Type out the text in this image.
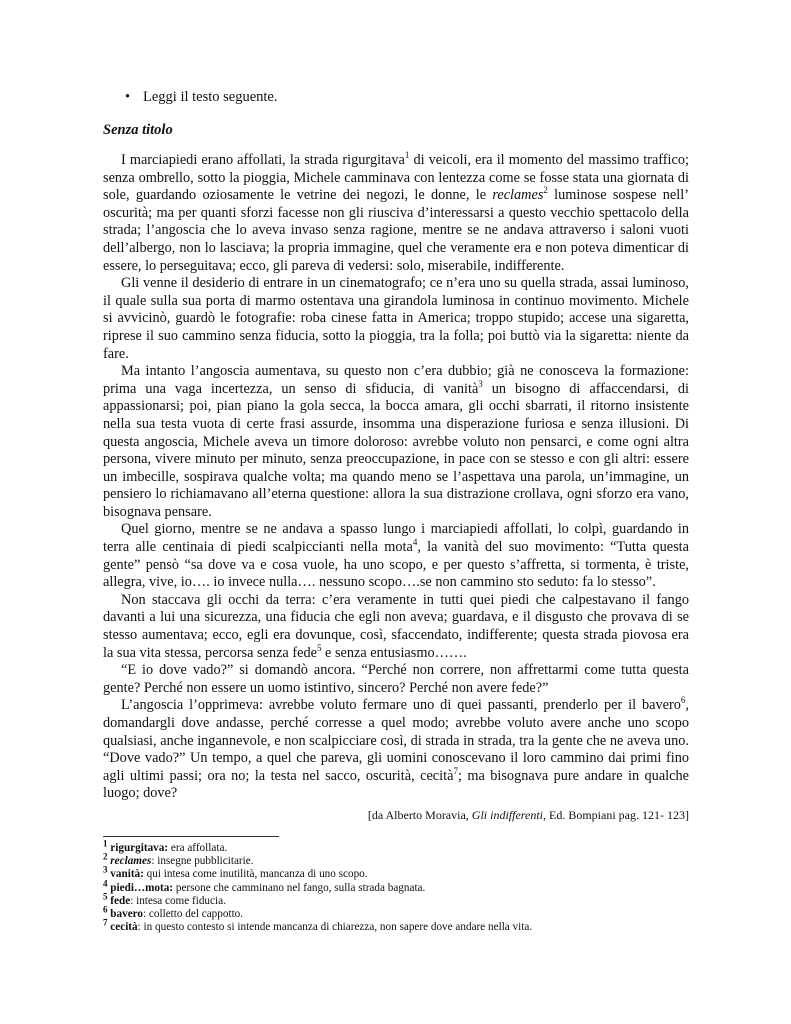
• Leggi il testo seguente.
Senza titolo

I marciapiedi erano affollati, la strada rigurgitava$^1$ di veicoli, era il momento del massimo traffico; senza ombrello, sotto la pioggia, Michele camminava con lentezza come se fosse stata una giornata di sole, guardando oziosamente le vetrine dei negozi, le donne, le reclames$^2$ luminose sospese nell’ oscurità; ma per quanti sforzi facesse non gli riusciva d’interessarsi a questo vecchio spettacolo della strada; l’angoscia che lo aveva invaso senza ragione, mentre se ne andava attraverso i saloni vuoti dell’albergo, non lo lasciava; la propria immagine, quel che veramente era e non poteva dimenticar di essere, lo perseguitava; ecco, gli pareva di vedersi: solo, miserabile, indifferente.

Gli venne il desiderio di entrare in un cinematografo; ce n’era uno su quella strada, assai luminoso, il quale sulla sua porta di marmo ostentava una girandola luminosa in continuo movimento. Michele si avvicinò, guardò le fotografie: roba cinese fatta in America; troppo stupido; accese una sigaretta, riprese il suo cammino senza fiducia, sotto la pioggia, tra la folla; poi buttò via la sigaretta: niente da fare.

Ma intanto l’angoscia aumentava, su questo non c’era dubbio; già ne conosceva la formazione: prima una vaga incertezza, un senso di sfiducia, di vanità$^3$ un bisogno di affaccendarsi, di appassionarsi; poi, pian piano la gola secca, la bocca amara, gli occhi sbarrati, il ritorno insistente nella sua testa vuota di certe frasi assurde, insomma una disperazione furiosa e senza illusioni. Di questa angoscia, Michele aveva un timore doloroso: avrebbe voluto non pensarci, e come ogni altra persona, vivere minuto per minuto, senza preoccupazione, in pace con se stesso e con gli altri: essere un imbecille, sospirava qualche volta; ma quando meno se l’aspettava una parola, un’immagine, un pensiero lo richiamavano all’eterna questione: allora la sua distrazione crollava, ogni sforzo era vano, bisognava pensare.

Quel giorno, mentre se ne andava a spasso lungo i marciapiedi affollati, lo colpì, guardando in terra alle centinaia di piedi scalpiccianti nella mota$^4$, la vanità del suo movimento: “Tutta questa gente” pensò “sa dove va e cosa vuole, ha uno scopo, e per questo s’affretta, si tormenta, è triste, allegra, vive, io…. io invece nulla…. nessuno scopo….se non cammino sto seduto: fa lo stesso”.

Non staccava gli occhi da terra: c’era veramente in tutti quei piedi che calpestavano il fango davanti a lui una sicurezza, una fiducia che egli non aveva; guardava, e il disgusto che provava di se stesso aumentava; ecco, egli era dovunque, così, sfaccendato, indifferente; questa strada piovosa era la sua vita stessa, percorsa senza fede$^5$ e senza entusiasmo…….

“E io dove vado?” si domandò ancora. “Perché non correre, non affrettarmi come tutta questa gente? Perché non essere un uomo istintivo, sincero? Perché non avere fede?”

L’angoscia l’opprimeva: avrebbe voluto fermare uno di quei passanti, prenderlo per il bavero$^6$, domandargli dove andasse, perché corresse a quel modo; avrebbe voluto avere anche uno scopo qualsiasi, anche ingannevole, e non scalpicciare così, di strada in strada, tra la gente che ne aveva uno. “Dove vado?” Un tempo, a quel che pareva, gli uomini conoscevano il loro cammino dai primi fino agli ultimi passi; ora no; la testa nel sacco, oscurità, cecità$^7$; ma bisognava pure andare in qualche luogo; dove?

[da Alberto Moravia, Gli indifferenti, Ed. Bompiani pag. 121- 123]
$^1$ rigurgitava: era affollata.
$^2$ reclames: insegne pubblicitarie.
$^3$ vanità: qui intesa come inutilità, mancanza di uno scopo.
$^4$ piedi…mota: persone che camminano nel fango, sulla strada bagnata.
$^5$ fede: intesa come fiducia.
$^6$ bavero: colletto del cappotto.
$^7$ cecità: in questo contesto si intende mancanza di chiarezza, non sapere dove andare nella vita.
